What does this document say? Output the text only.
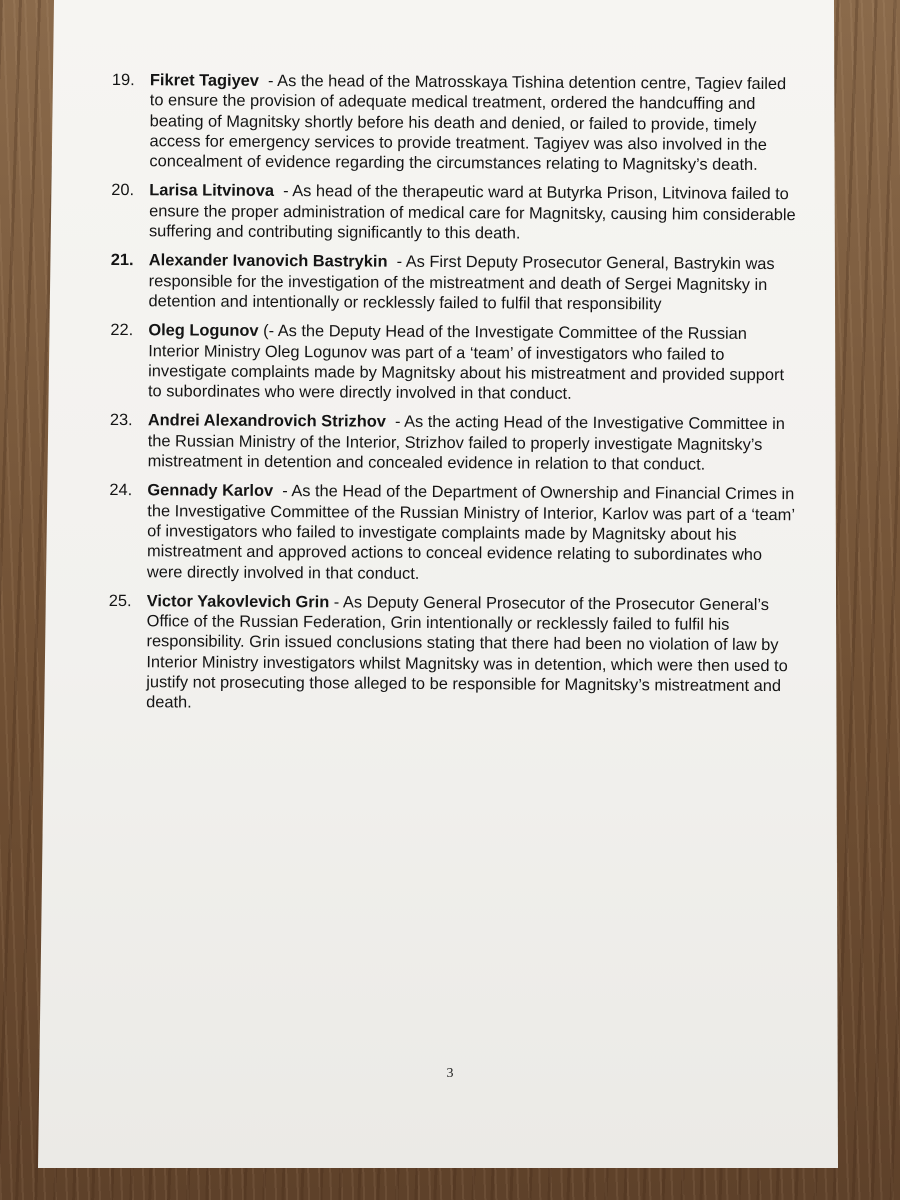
19. Fikret Tagiyev  - As the head of the Matrosskaya Tishina detention centre, Tagiev failed to ensure the provision of adequate medical treatment, ordered the handcuffing and beating of Magnitsky shortly before his death and denied, or failed to provide, timely access for emergency services to provide treatment. Tagiyev was also involved in the concealment of evidence regarding the circumstances relating to Magnitsky’s death.
20. Larisa Litvinova  - As head of the therapeutic ward at Butyrka Prison, Litvinova failed to ensure the proper administration of medical care for Magnitsky, causing him considerable suffering and contributing significantly to this death.
21. Alexander Ivanovich Bastrykin  - As First Deputy Prosecutor General, Bastrykin was responsible for the investigation of the mistreatment and death of Sergei Magnitsky in detention and intentionally or recklessly failed to fulfil that responsibility
22. Oleg Logunov (- As the Deputy Head of the Investigate Committee of the Russian Interior Ministry Oleg Logunov was part of a ‘team’ of investigators who failed to investigate complaints made by Magnitsky about his mistreatment and provided support to subordinates who were directly involved in that conduct.
23. Andrei Alexandrovich Strizhov  - As the acting Head of the Investigative Committee in the Russian Ministry of the Interior, Strizhov failed to properly investigate Magnitsky’s mistreatment in detention and concealed evidence in relation to that conduct.
24. Gennady Karlov  - As the Head of the Department of Ownership and Financial Crimes in the Investigative Committee of the Russian Ministry of Interior, Karlov was part of a ‘team’ of investigators who failed to investigate complaints made by Magnitsky about his mistreatment and approved actions to conceal evidence relating to subordinates who were directly involved in that conduct.
25. Victor Yakovlevich Grin - As Deputy General Prosecutor of the Prosecutor General’s Office of the Russian Federation, Grin intentionally or recklessly failed to fulfil his responsibility. Grin issued conclusions stating that there had been no violation of law by Interior Ministry investigators whilst Magnitsky was in detention, which were then used to justify not prosecuting those alleged to be responsible for Magnitsky’s mistreatment and death.
3
